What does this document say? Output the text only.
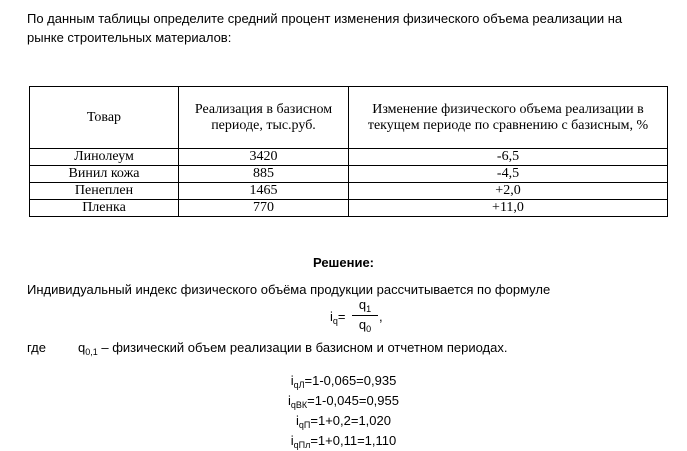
По данным таблицы определите средний процент изменения физического объема реализации на
рынке строительных материалов:
Товар	Реализация в базисном периоде, тыс.руб.	Изменение физического объема реализации в текущем периоде по сравнению с базисным, %
Линолеум	3420	-6,5
Винил кожа	885	-4,5
Пенеплен	1465	+2,0
Пленка	770	+11,0
Решение:
Индивидуальный индекс физического объёма продукции рассчитывается по формуле
$i_q=$
$q_1$
$q_0$
,
где $q_{0,1}$ – физический объем реализации в базисном и отчетном периодах.
$i_{qЛ}=1-0,065=0,935$
$i_{qВК}=1-0,045=0,955$
$i_{qП}=1+0,2=1,020$
$i_{qПл}=1+0,11=1,110$
